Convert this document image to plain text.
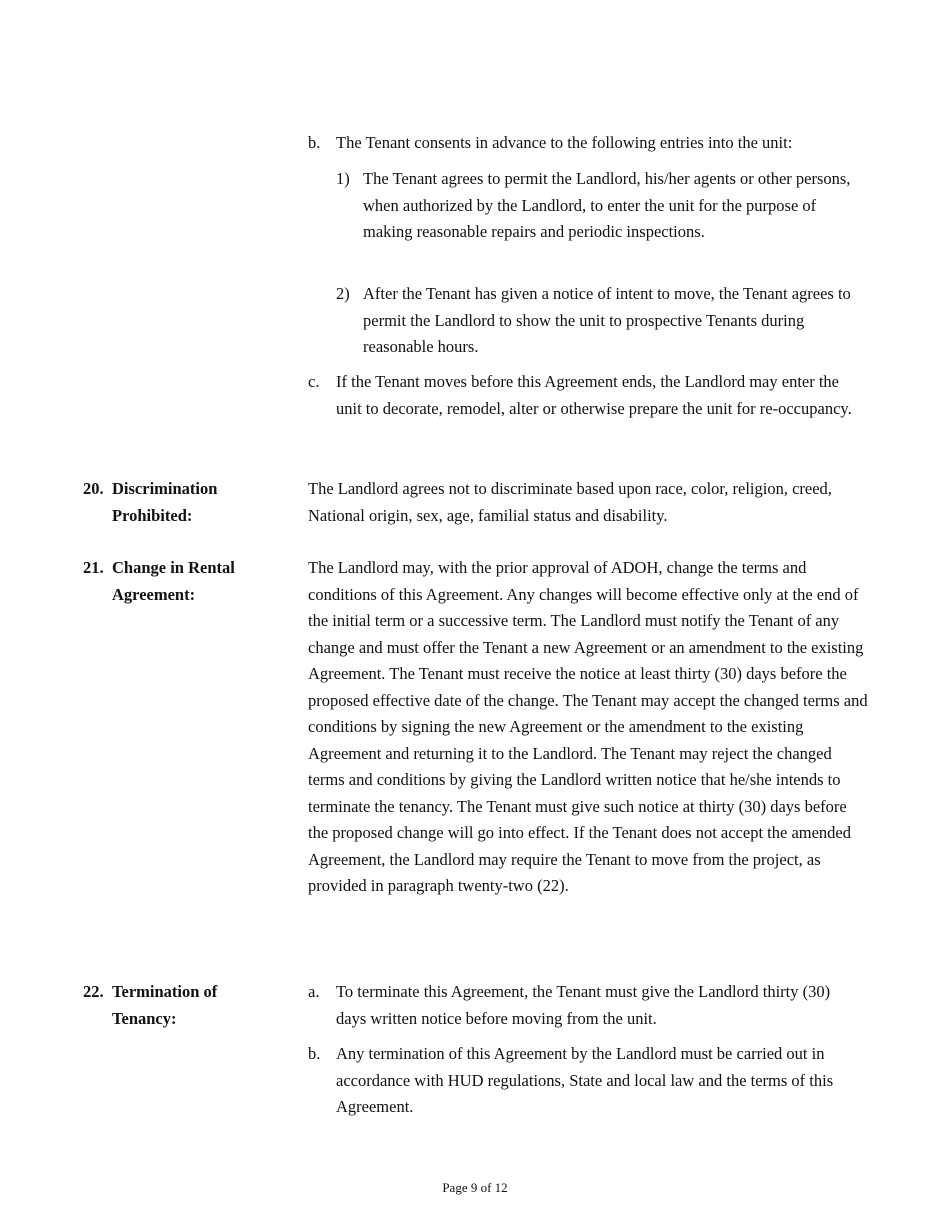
b. The Tenant consents in advance to the following entries into the unit:
1) The Tenant agrees to permit the Landlord, his/her agents or other persons, when authorized by the Landlord, to enter the unit for the purpose of making reasonable repairs and periodic inspections.
2) After the Tenant has given a notice of intent to move, the Tenant agrees to permit the Landlord to show the unit to prospective Tenants during reasonable hours.
c. If the Tenant moves before this Agreement ends, the Landlord may enter the unit to decorate, remodel, alter or otherwise prepare the unit for re-occupancy.
20. Discrimination Prohibited:
The Landlord agrees not to discriminate based upon race, color, religion, creed, National origin, sex, age, familial status and disability.
21. Change in Rental Agreement:
The Landlord may, with the prior approval of ADOH, change the terms and conditions of this Agreement. Any changes will become effective only at the end of the initial term or a successive term. The Landlord must notify the Tenant of any change and must offer the Tenant a new Agreement or an amendment to the existing Agreement. The Tenant must receive the notice at least thirty (30) days before the proposed effective date of the change. The Tenant may accept the changed terms and conditions by signing the new Agreement or the amendment to the existing Agreement and returning it to the Landlord. The Tenant may reject the changed terms and conditions by giving the Landlord written notice that he/she intends to terminate the tenancy. The Tenant must give such notice at thirty (30) days before the proposed change will go into effect. If the Tenant does not accept the amended Agreement, the Landlord may require the Tenant to move from the project, as provided in paragraph twenty-two (22).
22. Termination of Tenancy:
a. To terminate this Agreement, the Tenant must give the Landlord thirty (30) days written notice before moving from the unit.
b. Any termination of this Agreement by the Landlord must be carried out in accordance with HUD regulations, State and local law and the terms of this Agreement.
Page 9 of 12
